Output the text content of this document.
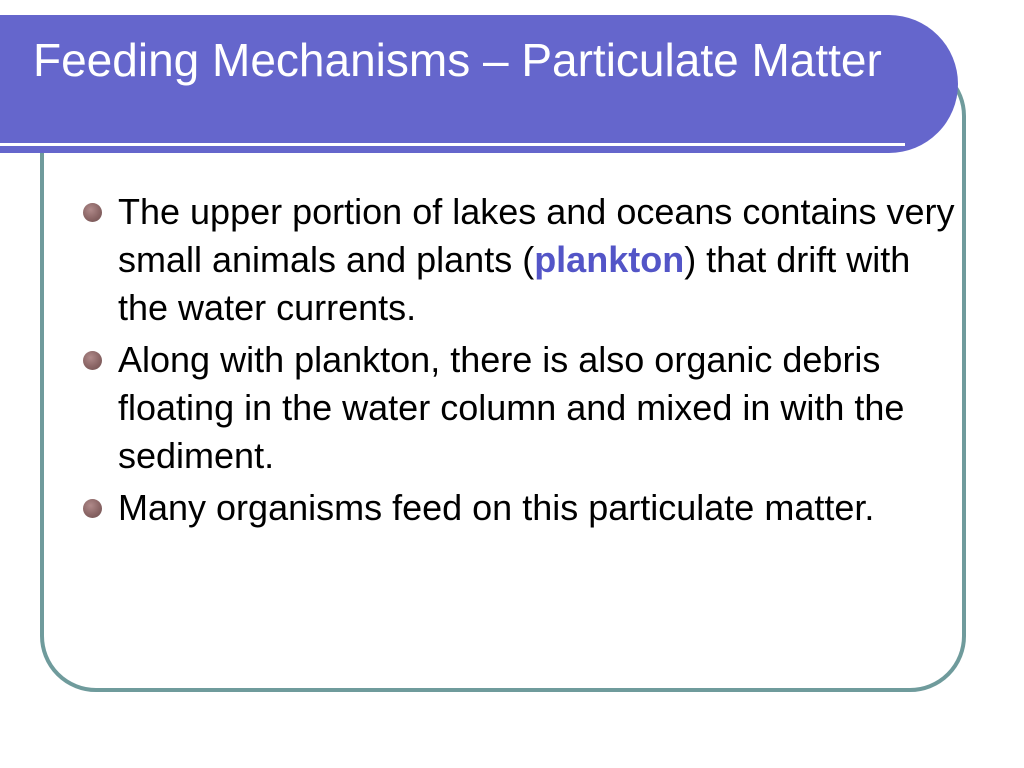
Feeding Mechanisms – Particulate Matter
The upper portion of lakes and oceans contains very small animals and plants (plankton) that drift with the water currents.
Along with plankton, there is also organic debris floating in the water column and mixed in with the sediment.
Many organisms feed on this particulate matter.
